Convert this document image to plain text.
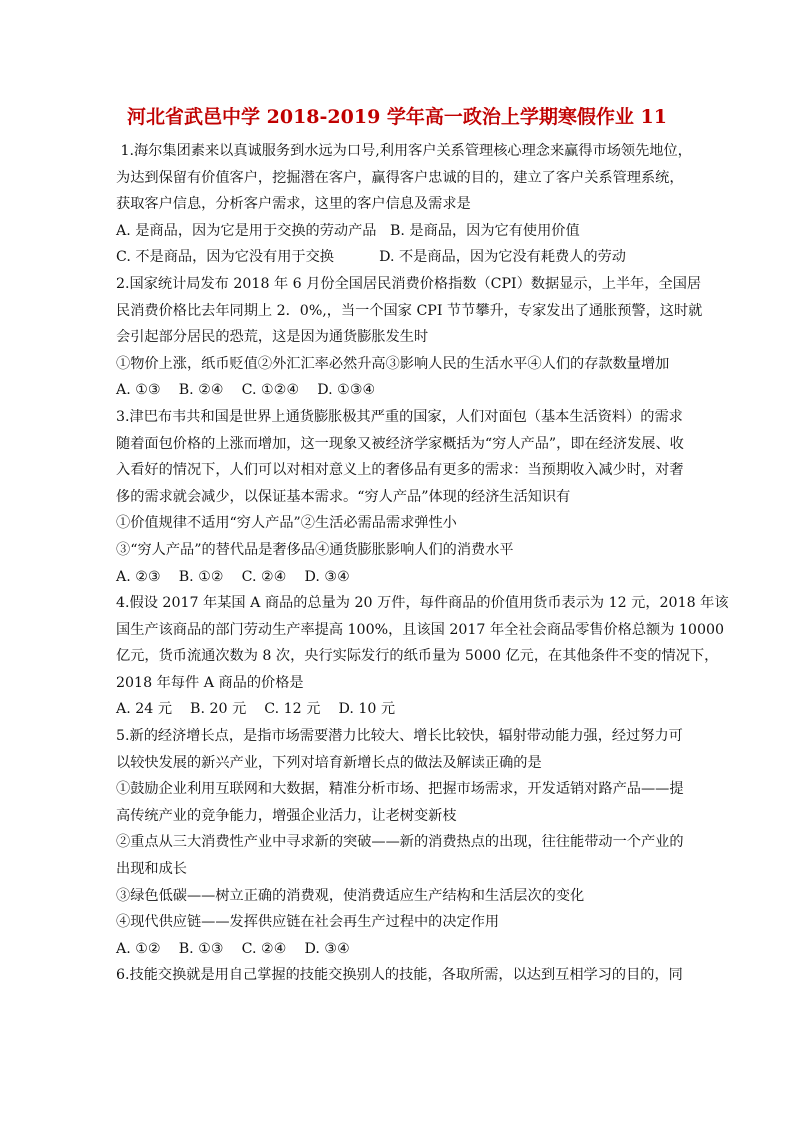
河北省武邑中学 2018-2019 学年高一政治上学期寒假作业 11
1.海尔集团素来以真诚服务到水远为口号,利用客户关系管理核心理念来赢得市场领先地位，
为达到保留有价值客户，挖掘潜在客户，赢得客户忠诚的目的，建立了客户关系管理系统，
获取客户信息，分析客户需求，这里的客户信息及需求是
A. 是商品，因为它是用于交换的劳动产品   B. 是商品，因为它有使用价值
C. 不是商品，因为它没有用于交换          D. 不是商品，因为它没有耗费人的劳动
2.国家统计局发布 2018 年 6 月份全国居民消费价格指数（CPI）数据显示，上半年，全国居
民消费价格比去年同期上 2．0%,，当一个国家 CPI 节节攀升，专家发出了通胀预警，这时就
会引起部分居民的恐荒，这是因为通货膨胀发生时
①物价上涨，纸币贬值②外汇汇率必然升高③影响人民的生活水平④人们的存款数量增加
A. ①③    B. ②④    C. ①②④    D. ①③④
3.津巴布韦共和国是世界上通货膨胀极其严重的国家，人们对面包（基本生活资料）的需求
随着面包价格的上涨而增加，这一现象又被经济学家概括为“穷人产品”，即在经济发展、收
入看好的情况下，人们可以对相对意义上的奢侈品有更多的需求：当预期收入减少时，对奢
侈的需求就会减少，以保证基本需求。“穷人产品”体现的经济生活知识有
①价值规律不适用“穷人产品”②生活必需品需求弹性小
③“穷人产品”的替代品是奢侈品④通货膨胀影响人们的消费水平
A. ②③    B. ①②    C. ②④    D. ③④
4.假设 2017 年某国 A 商品的总量为 20 万件，每件商品的价值用货币表示为 12 元，2018 年该
国生产该商品的部门劳动生产率提高 100%，且该国 2017 年全社会商品零售价格总额为 10000
亿元，货币流通次数为 8 次，央行实际发行的纸币量为 5000 亿元，在其他条件不变的情况下，
2018 年每件 A 商品的价格是
A. 24 元    B. 20 元    C. 12 元    D. 10 元
5.新的经济增长点，是指市场需要潜力比较大、增长比较快，辐射带动能力强，经过努力可
以较快发展的新兴产业，下列对培育新增长点的做法及解读正确的是
①鼓励企业利用互联网和大数据，精准分析市场、把握市场需求，开发适销对路产品——提
高传统产业的竞争能力，增强企业活力，让老树变新枝
②重点从三大消费性产业中寻求新的突破——新的消费热点的出现，往往能带动一个产业的
出现和成长
③绿色低碳——树立正确的消费观，使消费适应生产结构和生活层次的变化
④现代供应链——发挥供应链在社会再生产过程中的决定作用
A. ①②    B. ①③    C. ②④    D. ③④
6.技能交换就是用自己掌握的技能交换别人的技能，各取所需，以达到互相学习的目的，同
